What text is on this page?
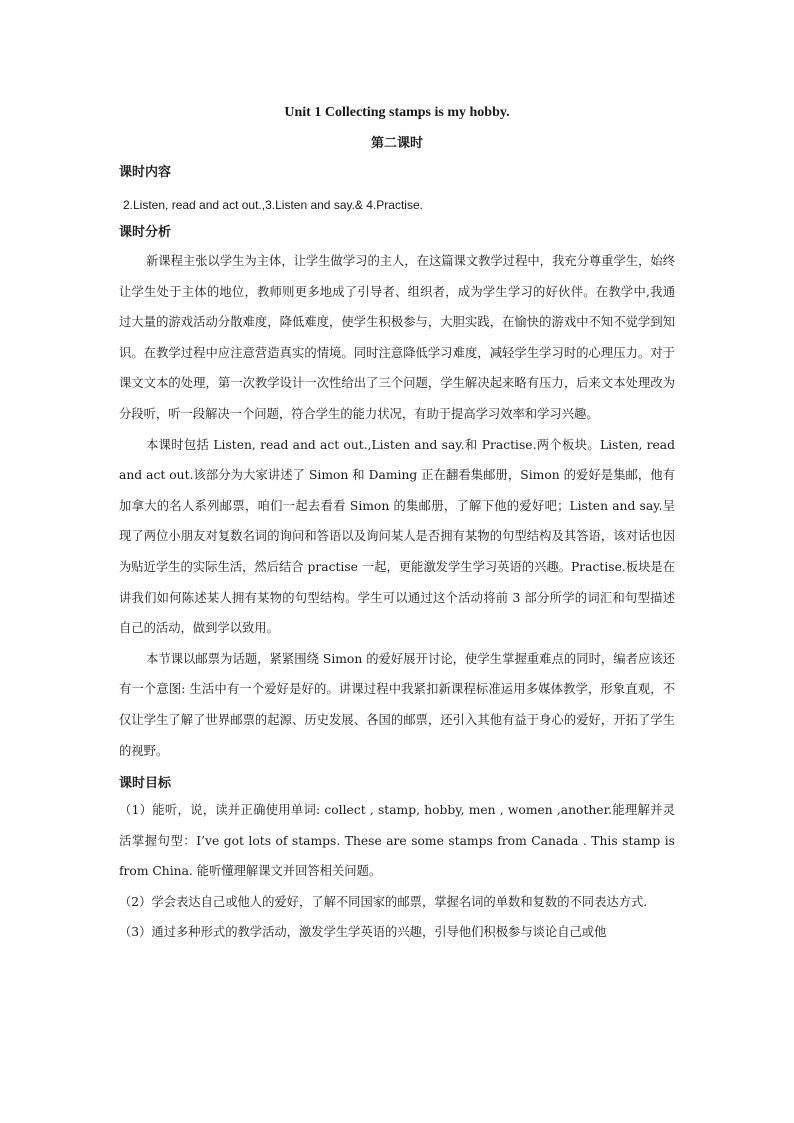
Unit 1 Collecting stamps is my hobby.
第二课时
课时内容
2.Listen, read and act out.,3.Listen and say.& 4.Practise.
课时分析

新课程主张以学生为主体，让学生做学习的主人，在这篇课文教学过程中，我充分尊重学生，始终让学生处于主体的地位，教师则更多地成了引导者、组织者，成为学生学习的好伙伴。在教学中,我通过大量的游戏活动分散难度，降低难度，使学生积极参与，大胆实践，在愉快的游戏中不知不觉学到知识。在教学过程中应注意营造真实的情境。同时注意降低学习难度，减轻学生学习时的心理压力。对于课文文本的处理，第一次教学设计一次性给出了三个问题，学生解决起来略有压力，后来文本处理改为分段听，听一段解决一个问题，符合学生的能力状况，有助于提高学习效率和学习兴趣。

本课时包括 Listen, read and act out.,Listen and say.和 Practise.两个板块。Listen, read and act out.该部分为大家讲述了 Simon 和 Daming 正在翻看集邮册，Simon 的爱好是集邮，他有加拿大的名人系列邮票，咱们一起去看看 Simon 的集邮册，了解下他的爱好吧；Listen and say.呈现了两位小朋友对复数名词的询问和答语以及询问某人是否拥有某物的句型结构及其答语，该对话也因为贴近学生的实际生活，然后结合 practise 一起，更能激发学生学习英语的兴趣。Practise.板块是在讲我们如何陈述某人拥有某物的句型结构。学生可以通过这个活动将前 3 部分所学的词汇和句型描述自己的活动，做到学以致用。

本节课以邮票为话题，紧紧围绕 Simon 的爱好展开讨论，使学生掌握重难点的同时，编者应该还有一个意图: 生活中有一个爱好是好的。讲课过程中我紧扣新课程标准运用多媒体教学，形象直观，不仅让学生了解了世界邮票的起源、历史发展、各国的邮票，还引入其他有益于身心的爱好，开拓了学生的视野。

课时目标

（1）能听，说，读并正确使用单词: collect , stamp, hobby, men , women ,another.能理解并灵活掌握句型：I’ve got lots of stamps. These are some stamps from Canada . This stamp is from China. 能听懂理解课文并回答相关问题。

（2）学会表达自己或他人的爱好，了解不同国家的邮票，掌握名词的单数和复数的不同表达方式.

（3）通过多种形式的教学活动，激发学生学英语的兴趣，引导他们积极参与谈论自己或他
